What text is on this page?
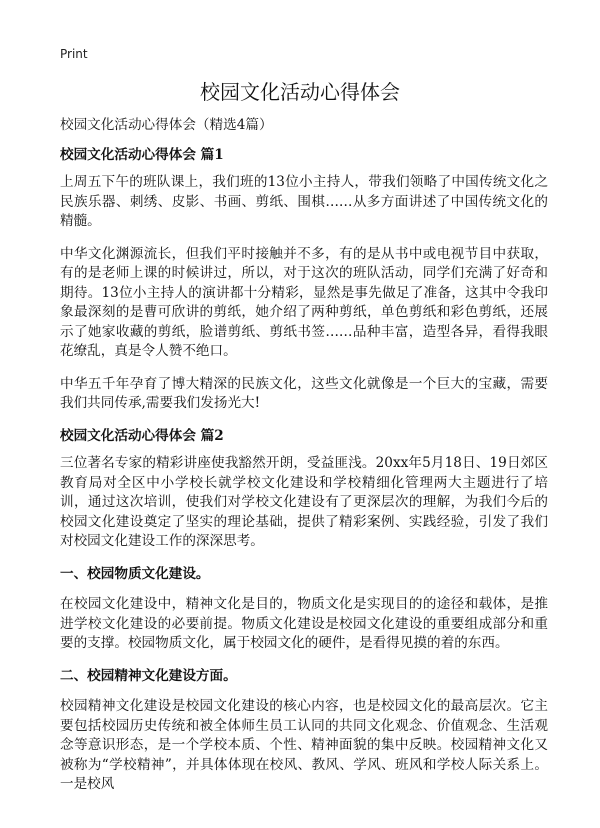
Print
校园文化活动心得体会

校园文化活动心得体会（精选4篇）

校园文化活动心得体会 篇1

上周五下午的班队课上，我们班的13位小主持人，带我们领略了中国传统文化之民族乐器、刺绣、皮影、书画、剪纸、围棋……从多方面讲述了中国传统文化的精髓。

中华文化渊源流长，但我们平时接触并不多，有的是从书中或电视节目中获取，有的是老师上课的时候讲过，所以，对于这次的班队活动，同学们充满了好奇和期待。13位小主持人的演讲都十分精彩，显然是事先做足了准备，这其中令我印象最深刻的是曹可欣讲的剪纸，她介绍了两种剪纸，单色剪纸和彩色剪纸，还展示了她家收藏的剪纸，脸谱剪纸、剪纸书签……品种丰富，造型各异，看得我眼花缭乱，真是令人赞不绝口。

中华五千年孕育了博大精深的民族文化，这些文化就像是一个巨大的宝藏，需要我们共同传承,需要我们发扬光大!

校园文化活动心得体会 篇2

三位著名专家的精彩讲座使我豁然开朗，受益匪浅。20xx年5月18日、19日郊区教育局对全区中小学校长就学校文化建设和学校精细化管理两大主题进行了培训，通过这次培训，使我们对学校文化建设有了更深层次的理解，为我们今后的校园文化建设奠定了坚实的理论基础，提供了精彩案例、实践经验，引发了我们对校园文化建设工作的深深思考。

一、校园物质文化建设。

在校园文化建设中，精神文化是目的，物质文化是实现目的的途径和载体，是推进学校文化建设的必要前提。物质文化建设是校园文化建设的重要组成部分和重要的支撑。校园物质文化，属于校园文化的硬件，是看得见摸的着的东西。

二、校园精神文化建设方面。

校园精神文化建设是校园文化建设的核心内容，也是校园文化的最高层次。它主要包括校园历史传统和被全体师生员工认同的共同文化观念、价值观念、生活观念等意识形态，是一个学校本质、个性、精神面貌的集中反映。校园精神文化又被称为“学校精神”，并具体体现在校风、教风、学风、班风和学校人际关系上。一是校风
